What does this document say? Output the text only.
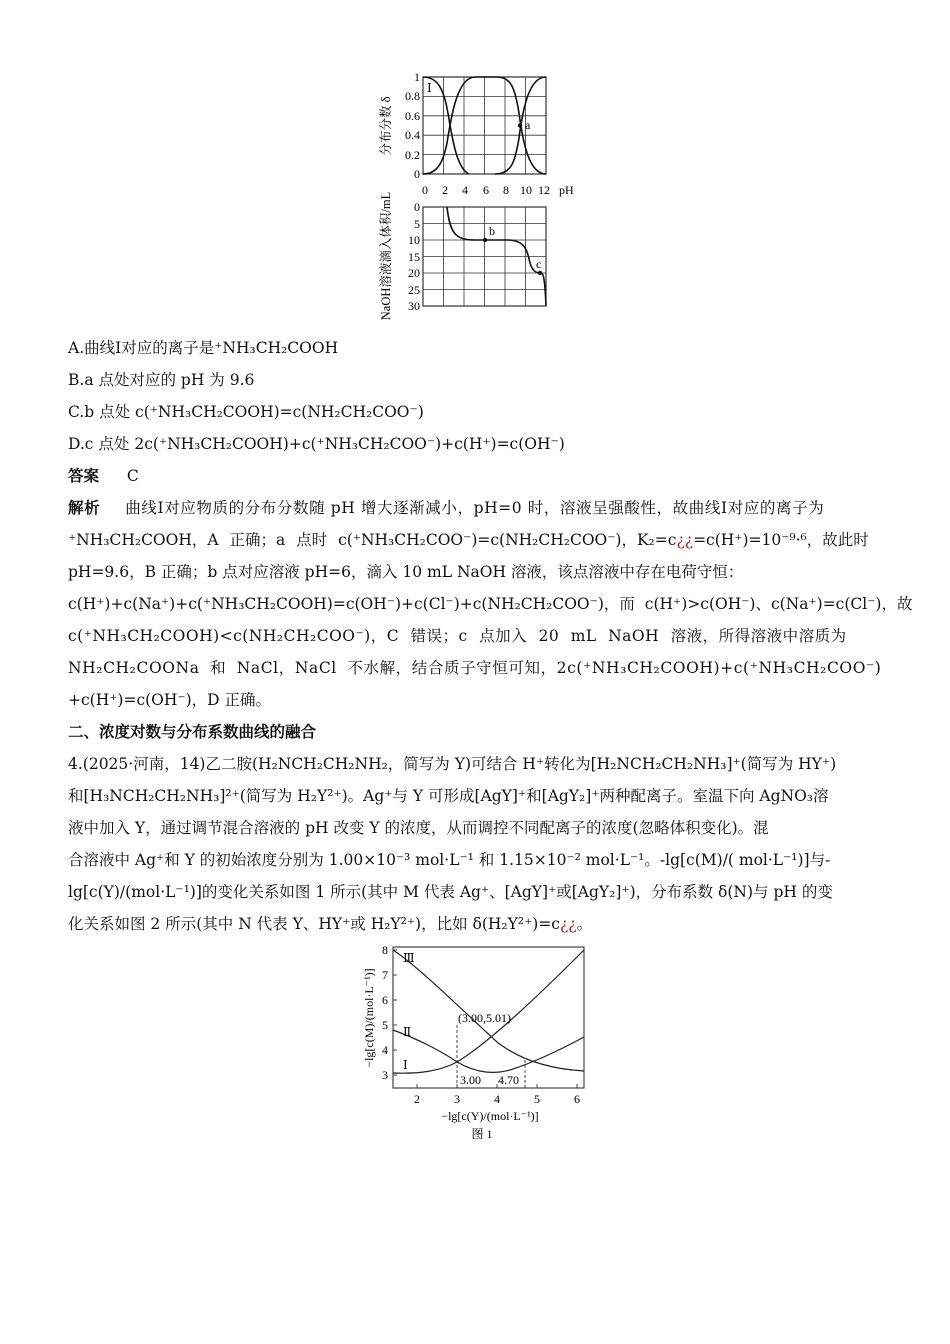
a
Ⅰ
1
0.8
0.6
0.4
0.2
0
分布分数 δ
0 2 4 6 8 10 12 pH
b
c
0
5
10
15
20
25
30
NaOH溶液滴入体积/mL
A.曲线Ⅰ对应的离子是⁺NH₃CH₂COOH
B.a 点处对应的 pH 为 9.6
C.b 点处 c(⁺NH₃CH₂COOH)=c(NH₂CH₂COO⁻)
D.c 点处 2c(⁺NH₃CH₂COOH)+c(⁺NH₃CH₂COO⁻)+c(H⁺)=c(OH⁻)
答案 C
解析 曲线Ⅰ对应物质的分布分数随 pH 增大逐渐减小，pH=0 时，溶液呈强酸性，故曲线Ⅰ对应的离子为
⁺NH₃CH₂COOH，A 正确；a 点时 c(⁺NH₃CH₂COO⁻)=c(NH₂CH₂COO⁻)，K₂=c¿¿=c(H⁺)=10⁻⁹·⁶，故此时
pH=9.6，B 正确；b 点对应溶液 pH=6，滴入 10 mL NaOH 溶液，该点溶液中存在电荷守恒：
c(H⁺)+c(Na⁺)+c(⁺NH₃CH₂COOH)=c(OH⁻)+c(Cl⁻)+c(NH₂CH₂COO⁻)，而 c(H⁺)>c(OH⁻)、c(Na⁺)=c(Cl⁻)，故
c(⁺NH₃CH₂COOH)<c(NH₂CH₂COO⁻)，C 错误；c 点加入 20 mL NaOH 溶液，所得溶液中溶质为
NH₂CH₂COONa 和 NaCl，NaCl 不水解，结合质子守恒可知，2c(⁺NH₃CH₂COOH)+c(⁺NH₃CH₂COO⁻)
+c(H⁺)=c(OH⁻)，D 正确。
二、浓度对数与分布系数曲线的融合
4.(2025·河南，14)乙二胺(H₂NCH₂CH₂NH₂，简写为 Y)可结合 H⁺转化为[H₂NCH₂CH₂NH₃]⁺(简写为 HY⁺)
和[H₃NCH₂CH₂NH₃]²⁺(简写为 H₂Y²⁺)。Ag⁺与 Y 可形成[AgY]⁺和[AgY₂]⁺两种配离子。室温下向 AgNO₃溶
液中加入 Y，通过调节混合溶液的 pH 改变 Y 的浓度，从而调控不同配离子的浓度(忽略体积变化)。混
合溶液中 Ag⁺和 Y 的初始浓度分别为 1.00×10⁻³ mol·L⁻¹ 和 1.15×10⁻² mol·L⁻¹。-lg[c(M)/( mol·L⁻¹)]与-
lg[c(Y)/(mol·L⁻¹)]的变化关系如图 1 所示(其中 M 代表 Ag⁺、[AgY]⁺或[AgY₂]⁺)，分布系数 δ(N)与 pH 的变
化关系如图 2 所示(其中 N 代表 Y、HY⁺或 H₂Y²⁺)，比如 δ(H₂Y²⁺)=c¿¿。
3
4
5
6
7
8
2	3	4	5	6
(3.00,5.01)
3.00 4.70
Ⅲ
Ⅱ
Ⅰ
−lg[c(M)/(mol·L⁻¹)]
−lg[c(Y)/(mol·L⁻¹)]
图 1
